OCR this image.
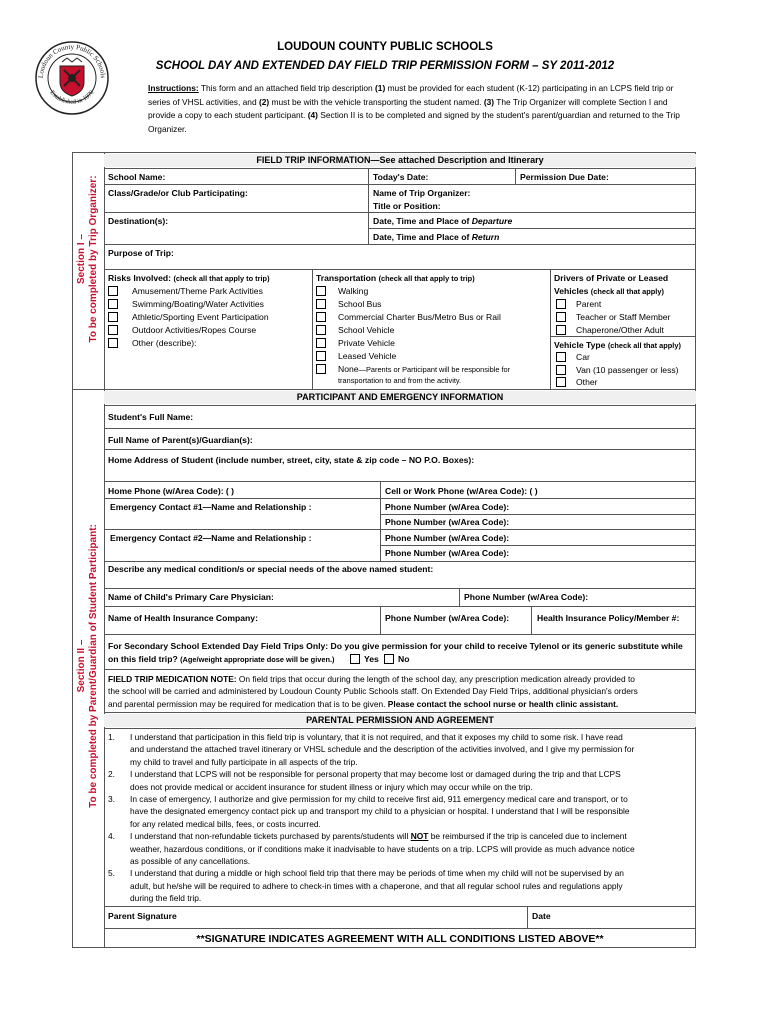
Loudoun County Public Schools
Established in 1870
LOUDOUN COUNTY PUBLIC SCHOOLS
SCHOOL DAY AND EXTENDED DAY FIELD TRIP PERMISSION FORM – SY 2011-2012
Instructions: This form and an attached field trip description (1) must be provided for each student (K-12) participating in an LCPS field trip or series of VHSL activities, and (2) must be with the vehicle transporting the student named. (3) The Trip Organizer will complete Section I and provide a copy to each student participant. (4) Section II is to be completed and signed by the student's parent/guardian and returned to the Trip Organizer.
Section I – To be completed by Trip Organizer:
Section II – To be completed by Parent/Guardian of Student Participant:
FIELD TRIP INFORMATION—See attached Description and Itinerary
School Name:	Today's Date:	Permission Due Date:
Class/Grade/or Club Participating:	Name of Trip Organizer:
Title or Position:
Destination(s):	Date, Time and Place of Departure
Date, Time and Place of Return
Purpose of Trip:
Risks Involved: (check all that apply to trip)
Amusement/Theme Park Activities
Swimming/Boating/Water Activities
Athletic/Sporting Event Participation
Outdoor Activities/Ropes Course
Other (describe):
Transportation (check all that apply to trip)
Walking
School Bus
Commercial Charter Bus/Metro Bus or Rail
School Vehicle
Private Vehicle
Leased Vehicle
None—Parents or Participant will be responsible for
transportation to and from the activity.
Drivers of Private or Leased
Vehicles (check all that apply)
Parent
Teacher or Staff Member
Chaperone/Other Adult
Vehicle Type (check all that apply)
Car
Van (10 passenger or less)
Other
PARTICIPANT AND EMERGENCY INFORMATION
Student's Full Name:
Full Name of Parent(s)/Guardian(s):
Home Address of Student (include number, street, city, state & zip code – NO P.O. Boxes):
Home Phone (w/Area Code): ( )	Cell or Work Phone (w/Area Code): ( )
Emergency Contact #1—Name and Relationship :	Phone Number (w/Area Code):
Phone Number (w/Area Code):
Emergency Contact #2—Name and Relationship :	Phone Number (w/Area Code):
Phone Number (w/Area Code):
Describe any medical condition/s or special needs of the above named student:
Name of Child's Primary Care Physician:	Phone Number (w/Area Code):
Name of Health Insurance Company:	Phone Number (w/Area Code):	Health Insurance Policy/Member #:
For Secondary School Extended Day Field Trips Only: Do you give permission for your child to receive Tylenol or its generic substitute while
on this field trip? (Age/weight appropriate dose will be given.)	Yes No
FIELD TRIP MEDICATION NOTE: On field trips that occur during the length of the school day, any prescription medication already provided to
the school will be carried and administered by Loudoun County Public Schools staff. On Extended Day Field Trips, additional physician's orders
and parental permission may be required for medication that is to be given. Please contact the school nurse or health clinic assistant.
PARENTAL PERMISSION AND AGREEMENT
1. I understand that participation in this field trip is voluntary, that it is not required, and that it exposes my child to some risk. I have read
and understand the attached travel itinerary or VHSL schedule and the description of the activities involved, and I give my permission for
my child to travel and fully participate in all aspects of the trip.
2. I understand that LCPS will not be responsible for personal property that may become lost or damaged during the trip and that LCPS
does not provide medical or accident insurance for student illness or injury which may occur while on the trip.
3. In case of emergency, I authorize and give permission for my child to receive first aid, 911 emergency medical care and transport, or to
have the designated emergency contact pick up and transport my child to a physician or hospital. I understand that I will be responsible
for any related medical bills, fees, or costs incurred.
4. I understand that non-refundable tickets purchased by parents/students will NOT be reimbursed if the trip is canceled due to inclement
weather, hazardous conditions, or if conditions make it inadvisable to have students on a trip. LCPS will provide as much advance notice
as possible of any cancellations.
5. I understand that during a middle or high school field trip that there may be periods of time when my child will not be supervised by an
adult, but he/she will be required to adhere to check-in times with a chaperone, and that all regular school rules and regulations apply
during the field trip.
Parent Signature	Date
**SIGNATURE INDICATES AGREEMENT WITH ALL CONDITIONS LISTED ABOVE**
